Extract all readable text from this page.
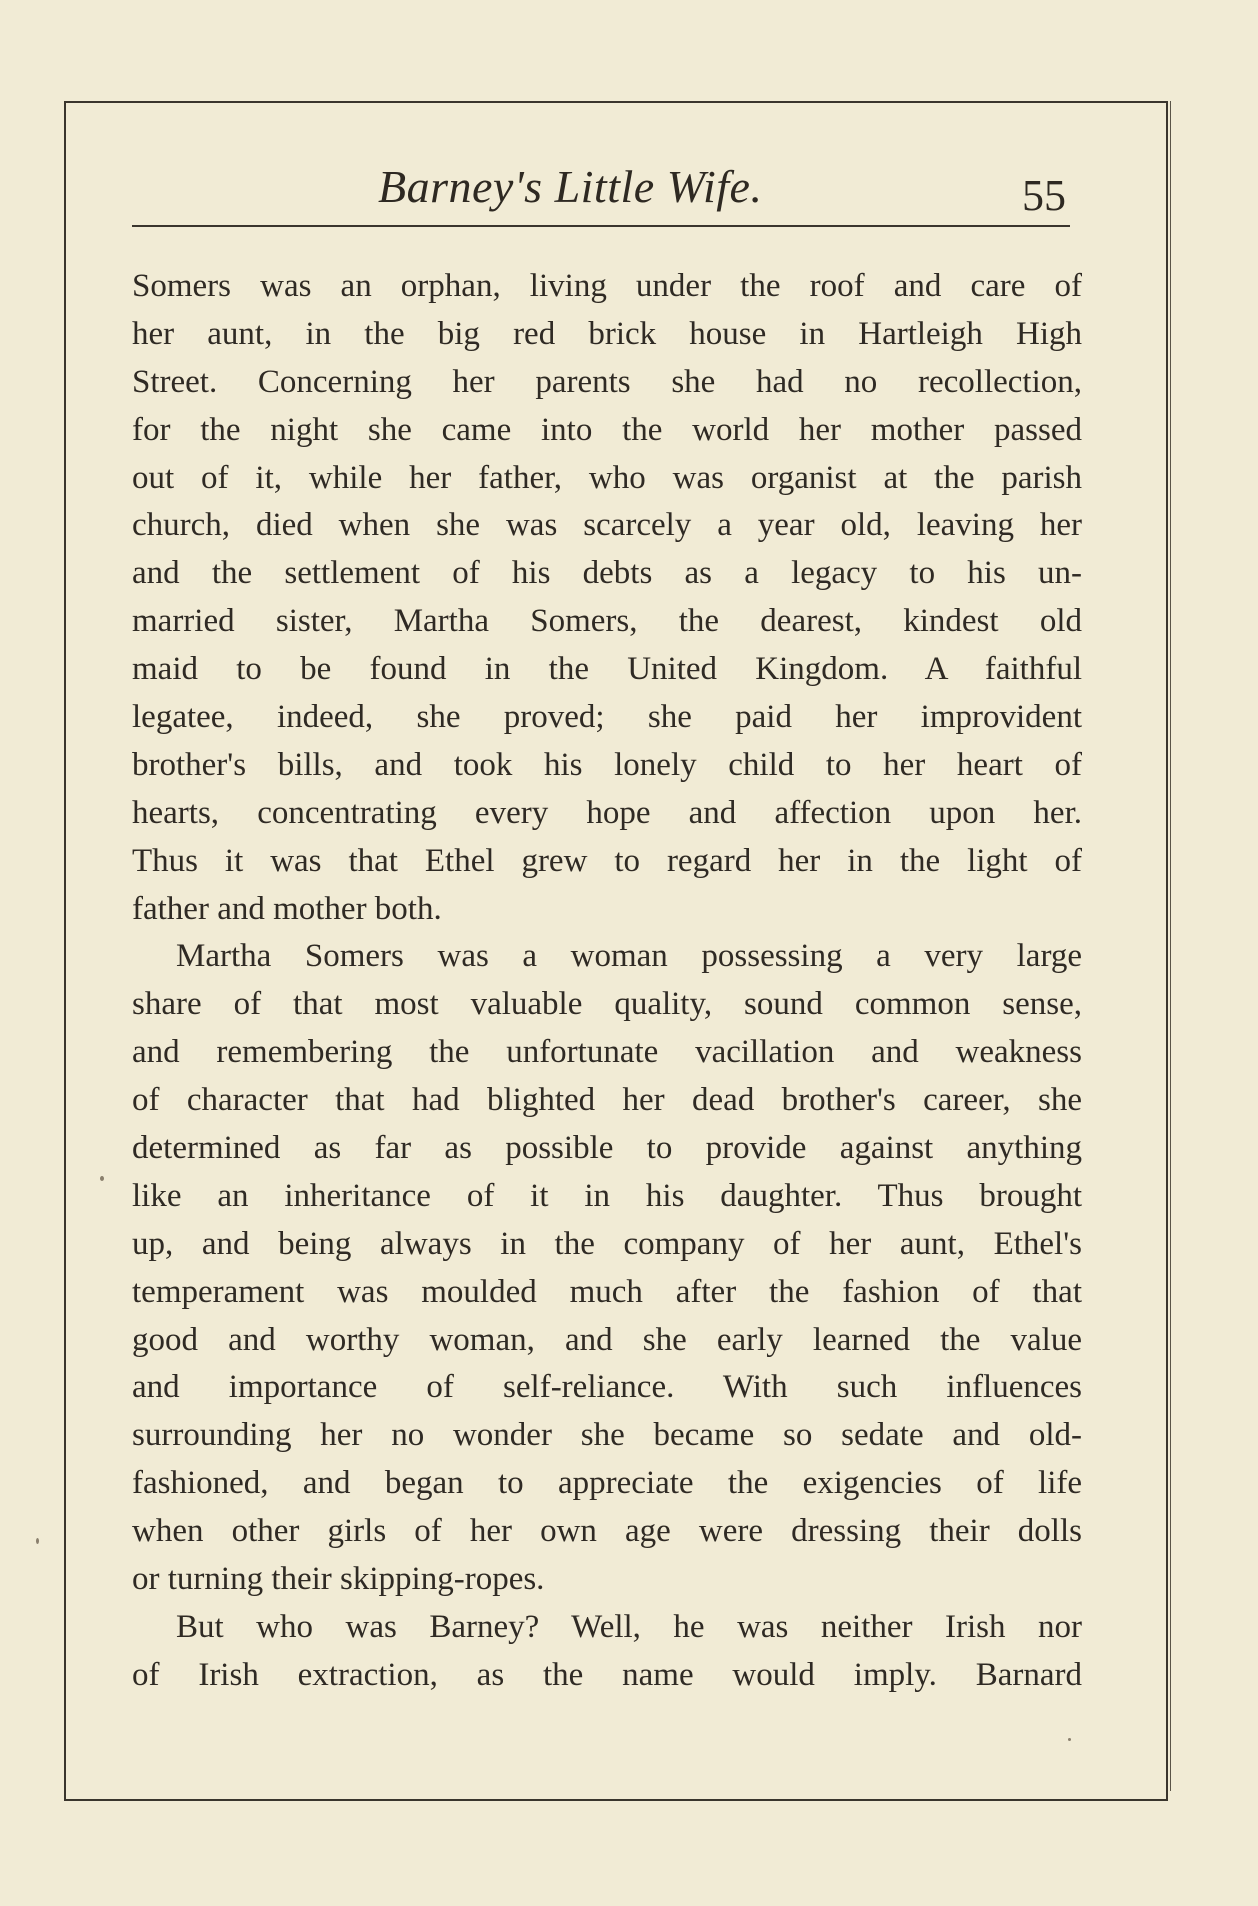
Barney's Little Wife.	55
Somers was an orphan, living under the roof and care of
her aunt, in the big red brick house in Hartleigh High
Street. Concerning her parents she had no recollection,
for the night she came into the world her mother passed
out of it, while her father, who was organist at the parish
church, died when she was scarcely a year old, leaving her
and the settlement of his debts as a legacy to his un-
married sister, Martha Somers, the dearest, kindest old
maid to be found in the United Kingdom. A faithful
legatee, indeed, she proved; she paid her improvident
brother's bills, and took his lonely child to her heart of
hearts, concentrating every hope and affection upon her.
Thus it was that Ethel grew to regard her in the light of
father and mother both.
Martha Somers was a woman possessing a very large
share of that most valuable quality, sound common sense,
and remembering the unfortunate vacillation and weakness
of character that had blighted her dead brother's career, she
determined as far as possible to provide against anything
like an inheritance of it in his daughter. Thus brought
up, and being always in the company of her aunt, Ethel's
temperament was moulded much after the fashion of that
good and worthy woman, and she early learned the value
and importance of self-reliance. With such influences
surrounding her no wonder she became so sedate and old-
fashioned, and began to appreciate the exigencies of life
when other girls of her own age were dressing their dolls
or turning their skipping-ropes.
But who was Barney? Well, he was neither Irish nor
of Irish extraction, as the name would imply. Barnard
